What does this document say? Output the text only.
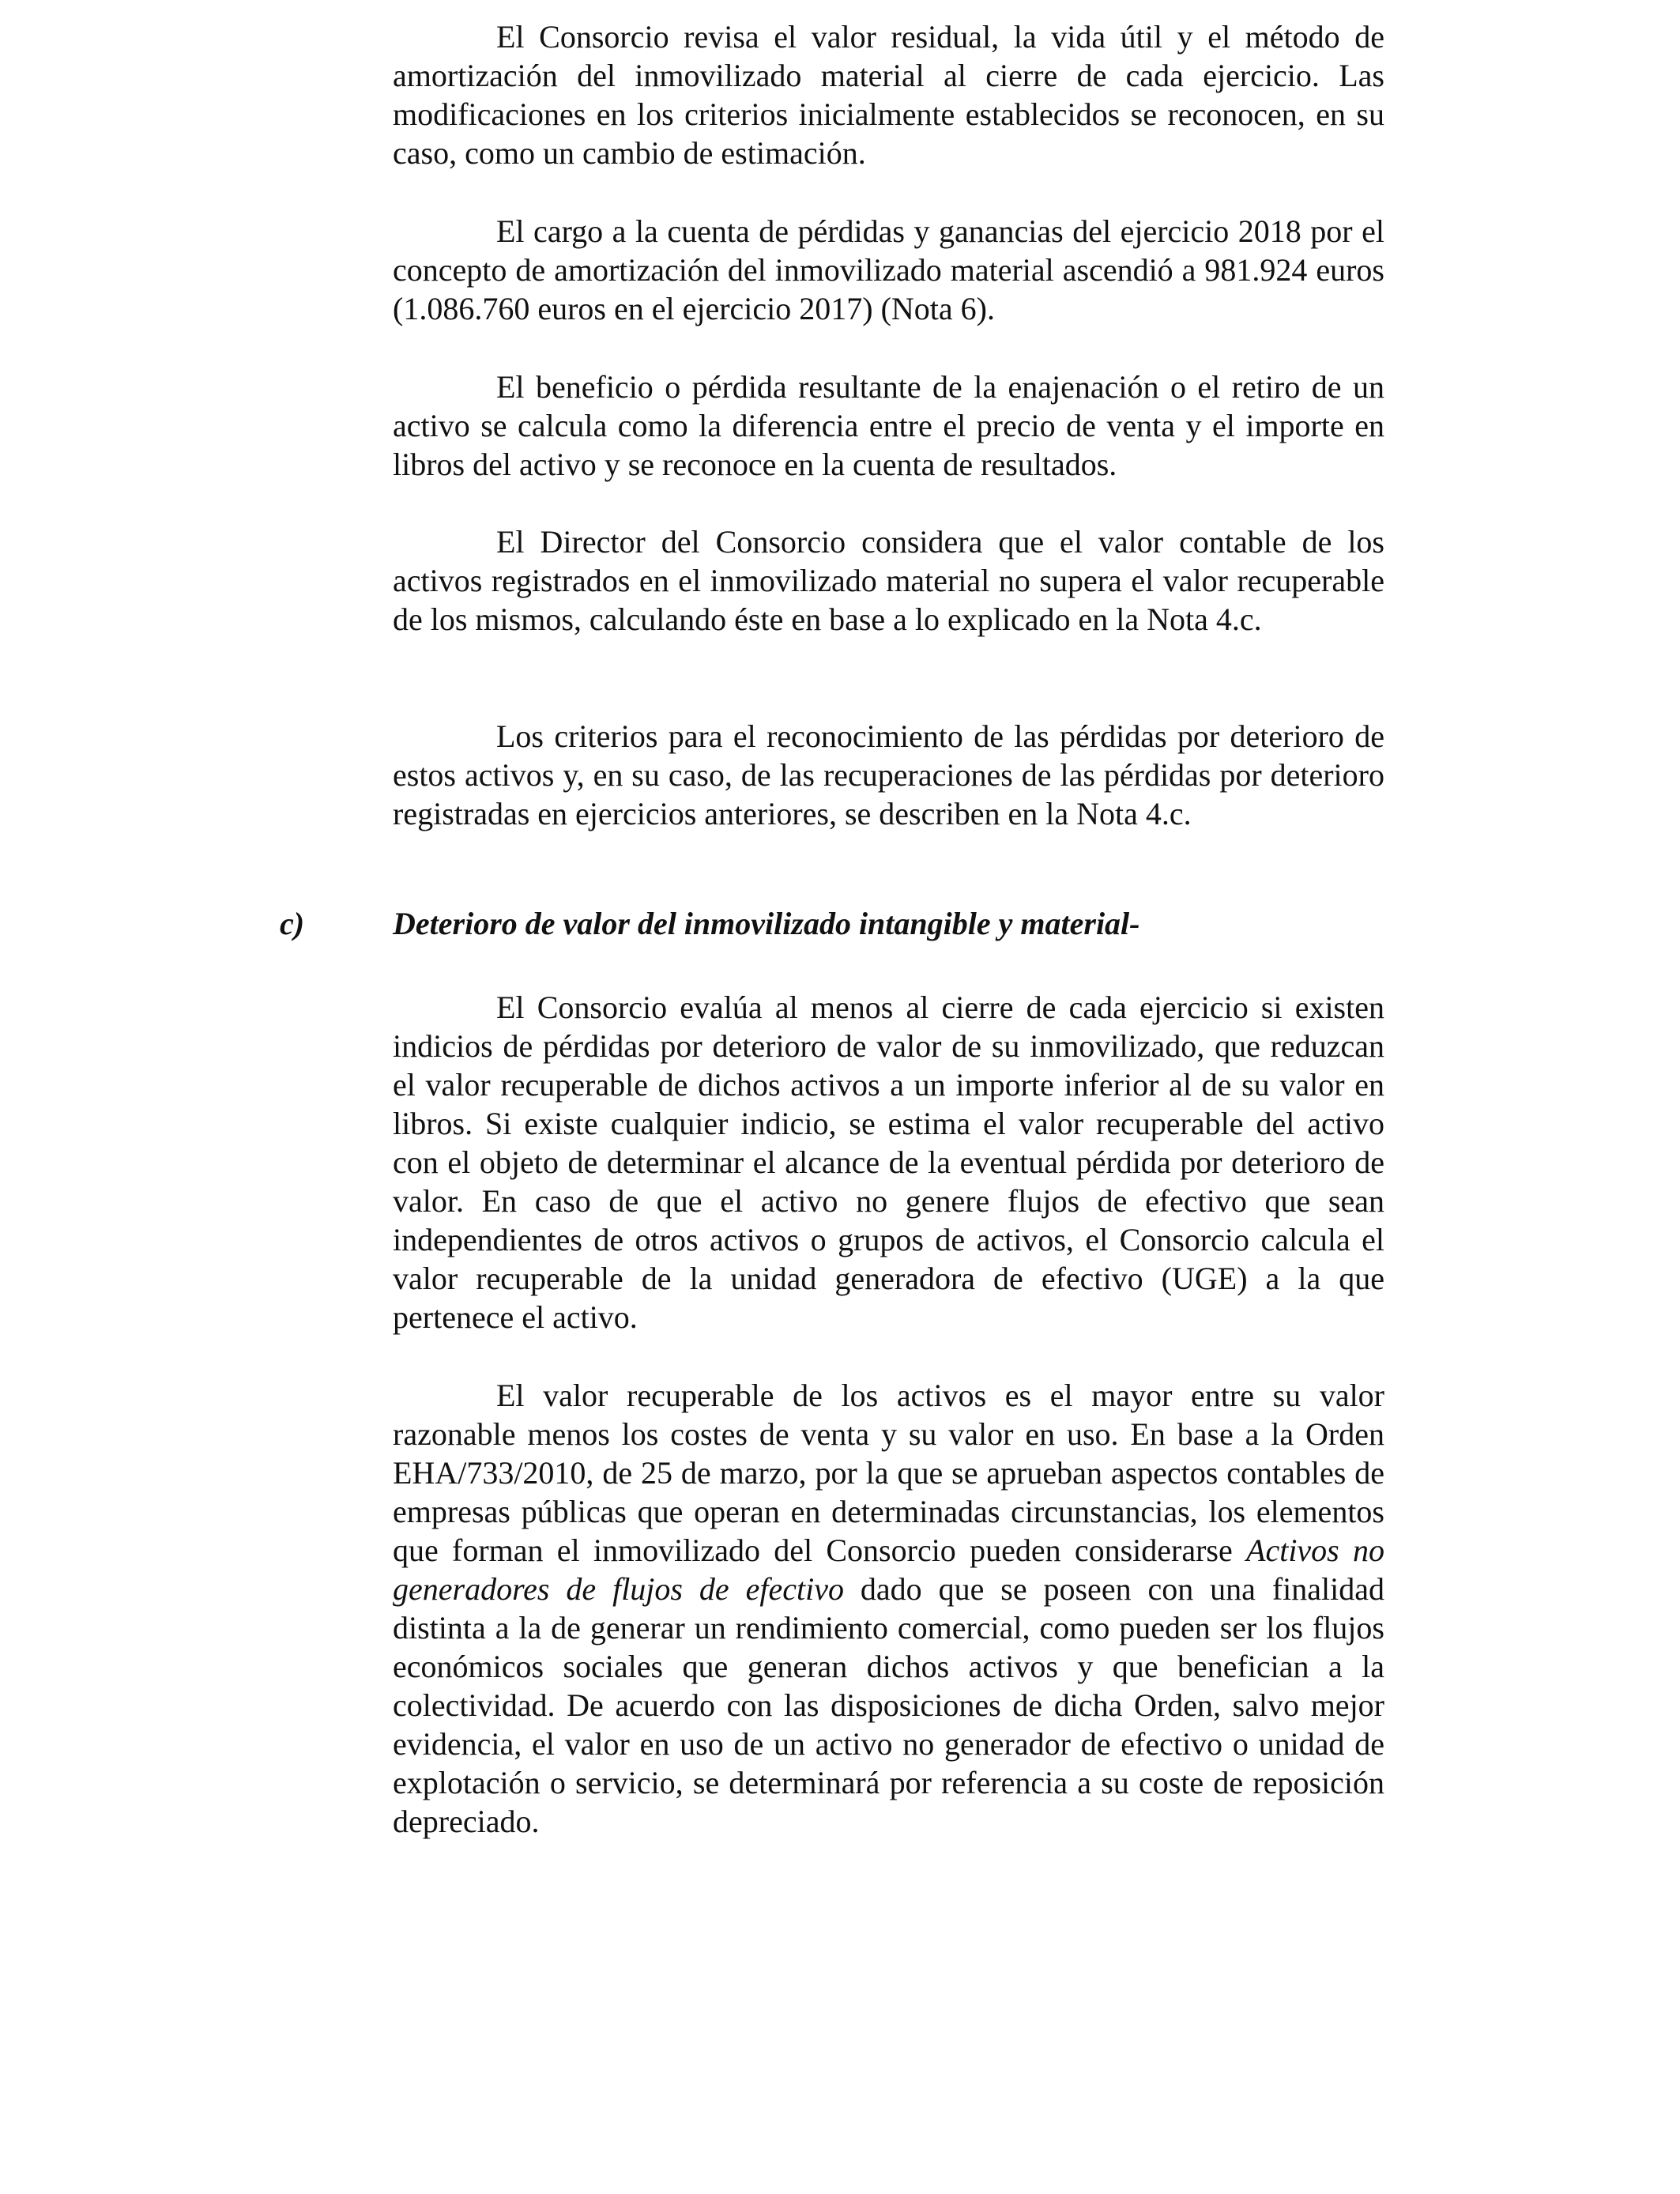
El Consorcio revisa el valor residual, la vida útil y el método de amortización del inmovilizado material al cierre de cada ejercicio. Las modificaciones en los criterios inicialmente establecidos se reconocen, en su caso, como un cambio de estimación.

El cargo a la cuenta de pérdidas y ganancias del ejercicio 2018 por el concepto de amortización del inmovilizado material ascendió a 981.924 euros (1.086.760 euros en el ejercicio 2017) (Nota 6).

El beneficio o pérdida resultante de la enajenación o el retiro de un activo se calcula como la diferencia entre el precio de venta y el importe en libros del activo y se reconoce en la cuenta de resultados.

El Director del Consorcio considera que el valor contable de los activos registrados en el inmovilizado material no supera el valor recuperable de los mismos, calculando éste en base a lo explicado en la Nota 4.c.

Los criterios para el reconocimiento de las pérdidas por deterioro de estos activos y, en su caso, de las recuperaciones de las pérdidas por deterioro registradas en ejercicios anteriores, se describen en la Nota 4.c.

c)	Deterioro de valor del inmovilizado intangible y material-

El Consorcio evalúa al menos al cierre de cada ejercicio si existen indicios de pérdidas por deterioro de valor de su inmovilizado, que reduzcan el valor recuperable de dichos activos a un importe inferior al de su valor en libros. Si existe cualquier indicio, se estima el valor recuperable del activo con el objeto de determinar el alcance de la eventual pérdida por deterioro de valor. En caso de que el activo no genere flujos de efectivo que sean independientes de otros activos o grupos de activos, el Consorcio calcula el valor recuperable de la unidad generadora de efectivo (UGE) a la que pertenece el activo.

El valor recuperable de los activos es el mayor entre su valor razonable menos los costes de venta y su valor en uso. En base a la Orden EHA/733/2010, de 25 de marzo, por la que se aprueban aspectos contables de empresas públicas que operan en determinadas circunstancias, los elementos que forman el inmovilizado del Consorcio pueden considerarse Activos no generadores de flujos de efectivo dado que se poseen con una finalidad distinta a la de generar un rendimiento comercial, como pueden ser los flujos económicos sociales que generan dichos activos y que benefician a la colectividad. De acuerdo con las disposiciones de dicha Orden, salvo mejor evidencia, el valor en uso de un activo no generador de efectivo o unidad de explotación o servicio, se determinará por referencia a su coste de reposición depreciado.
